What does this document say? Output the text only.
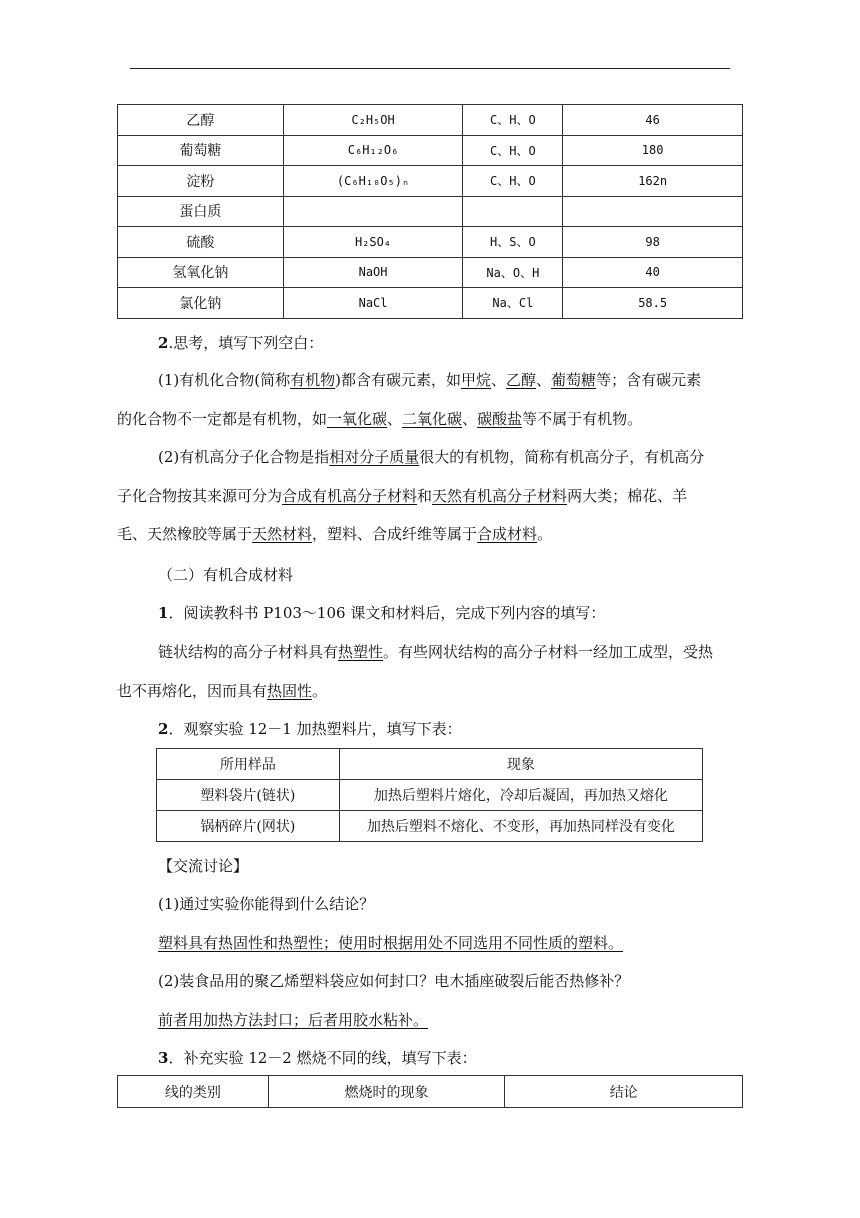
乙醇	C₂H₅OH	C、H、O	46
葡萄糖	C₆H₁₂O₆	C、H、O	180
淀粉	(C₆H₁₀O₅)ₙ	C、H、O	162n
蛋白质			
硫酸	H₂SO₄	H、S、O	98
氢氧化钠	NaOH	Na、O、H	40
氯化钠	NaCl	Na、Cl	58.5
2.思考，填写下列空白：
(1)有机化合物(简称有机物)都含有碳元素，如甲烷、乙醇、葡萄糖等；含有碳元素
的化合物不一定都是有机物，如一氧化碳、二氧化碳、碳酸盐等不属于有机物。
(2)有机高分子化合物是指相对分子质量很大的有机物，简称有机高分子，有机高分
子化合物按其来源可分为合成有机高分子材料和天然有机高分子材料两大类；棉花、羊
毛、天然橡胶等属于天然材料，塑料、合成纤维等属于合成材料。
（二）有机合成材料
1．阅读教科书 P103～106 课文和材料后，完成下列内容的填写：
链状结构的高分子材料具有热塑性。有些网状结构的高分子材料一经加工成型，受热
也不再熔化，因而具有热固性。
2．观察实验 12－1 加热塑料片，填写下表：
所用样品	现象
塑料袋片(链状)	加热后塑料片熔化，冷却后凝固，再加热又熔化
锅柄碎片(网状)	加热后塑料不熔化、不变形，再加热同样没有变化
【交流讨论】
(1)通过实验你能得到什么结论？
塑料具有热固性和热塑性；使用时根据用处不同选用不同性质的塑料。
(2)装食品用的聚乙烯塑料袋应如何封口？电木插座破裂后能否热修补？
前者用加热方法封口；后者用胶水粘补。
3．补充实验 12－2 燃烧不同的线，填写下表：
线的类别	燃烧时的现象	结论
